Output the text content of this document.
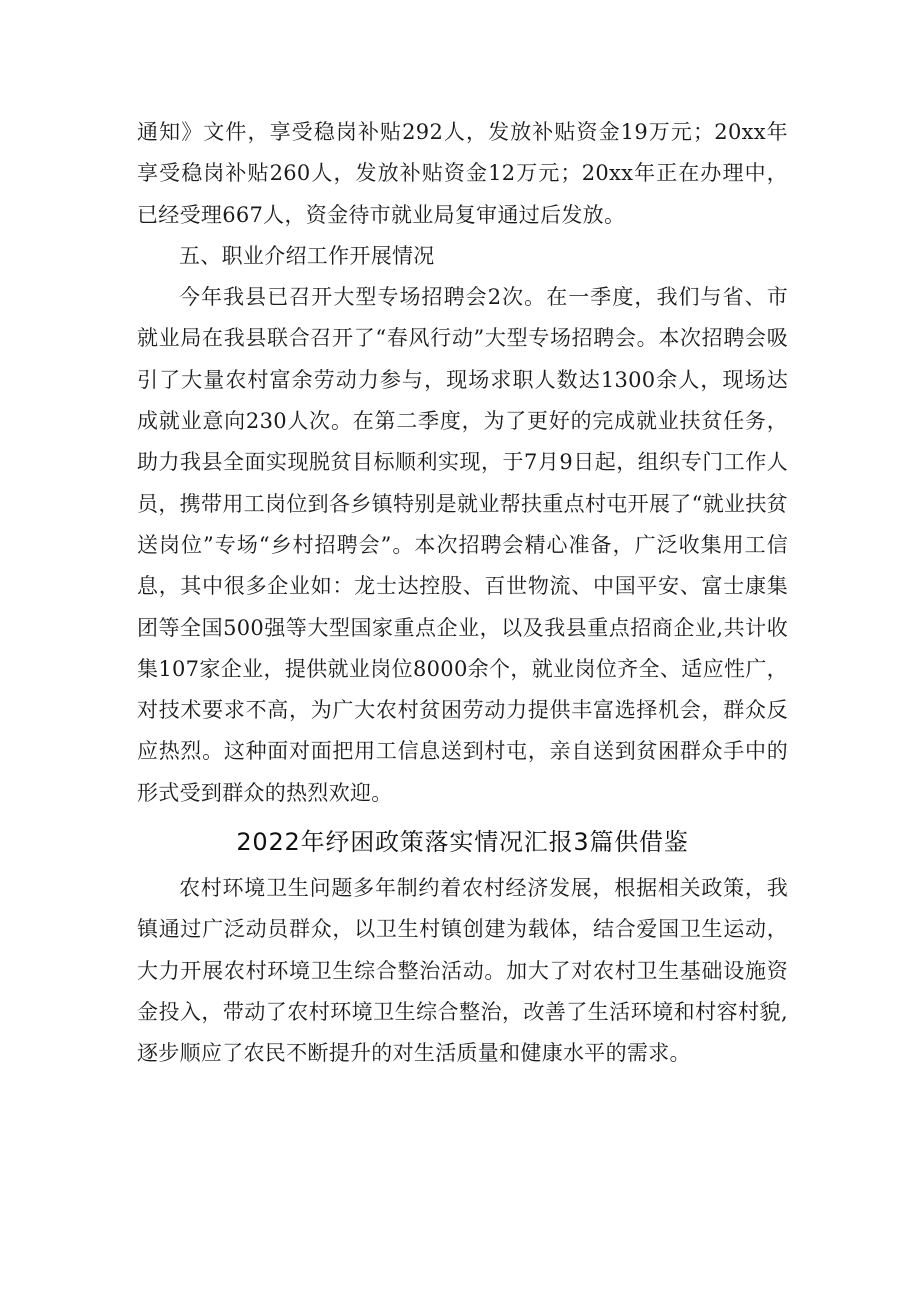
通知》文件，享受稳岗补贴292人，发放补贴资金19万元；20xx年享受稳岗补贴260人，发放补贴资金12万元；20xx年正在办理中，已经受理667人，资金待市就业局复审通过后发放。

五、职业介绍工作开展情况

今年我县已召开大型专场招聘会2次。在一季度，我们与省、市就业局在我县联合召开了“春风行动”大型专场招聘会。本次招聘会吸引了大量农村富余劳动力参与，现场求职人数达1300余人，现场达成就业意向230人次。在第二季度，为了更好的完成就业扶贫任务，助力我县全面实现脱贫目标顺利实现，于7月9日起，组织专门工作人员，携带用工岗位到各乡镇特别是就业帮扶重点村屯开展了“就业扶贫送岗位”专场“乡村招聘会”。本次招聘会精心准备，广泛收集用工信息，其中很多企业如：龙士达控股、百世物流、中国平安、富士康集团等全国500强等大型国家重点企业，以及我县重点招商企业,共计收集107家企业，提供就业岗位8000余个，就业岗位齐全、适应性广，对技术要求不高，为广大农村贫困劳动力提供丰富选择机会，群众反应热烈。这种面对面把用工信息送到村屯，亲自送到贫困群众手中的形式受到群众的热烈欢迎。

2022年纾困政策落实情况汇报3篇供借鉴

农村环境卫生问题多年制约着农村经济发展，根据相关政策，我镇通过广泛动员群众，以卫生村镇创建为载体，结合爱国卫生运动，大力开展农村环境卫生综合整治活动。加大了对农村卫生基础设施资金投入，带动了农村环境卫生综合整治，改善了生活环境和村容村貌,逐步顺应了农民不断提升的对生活质量和健康水平的需求。
